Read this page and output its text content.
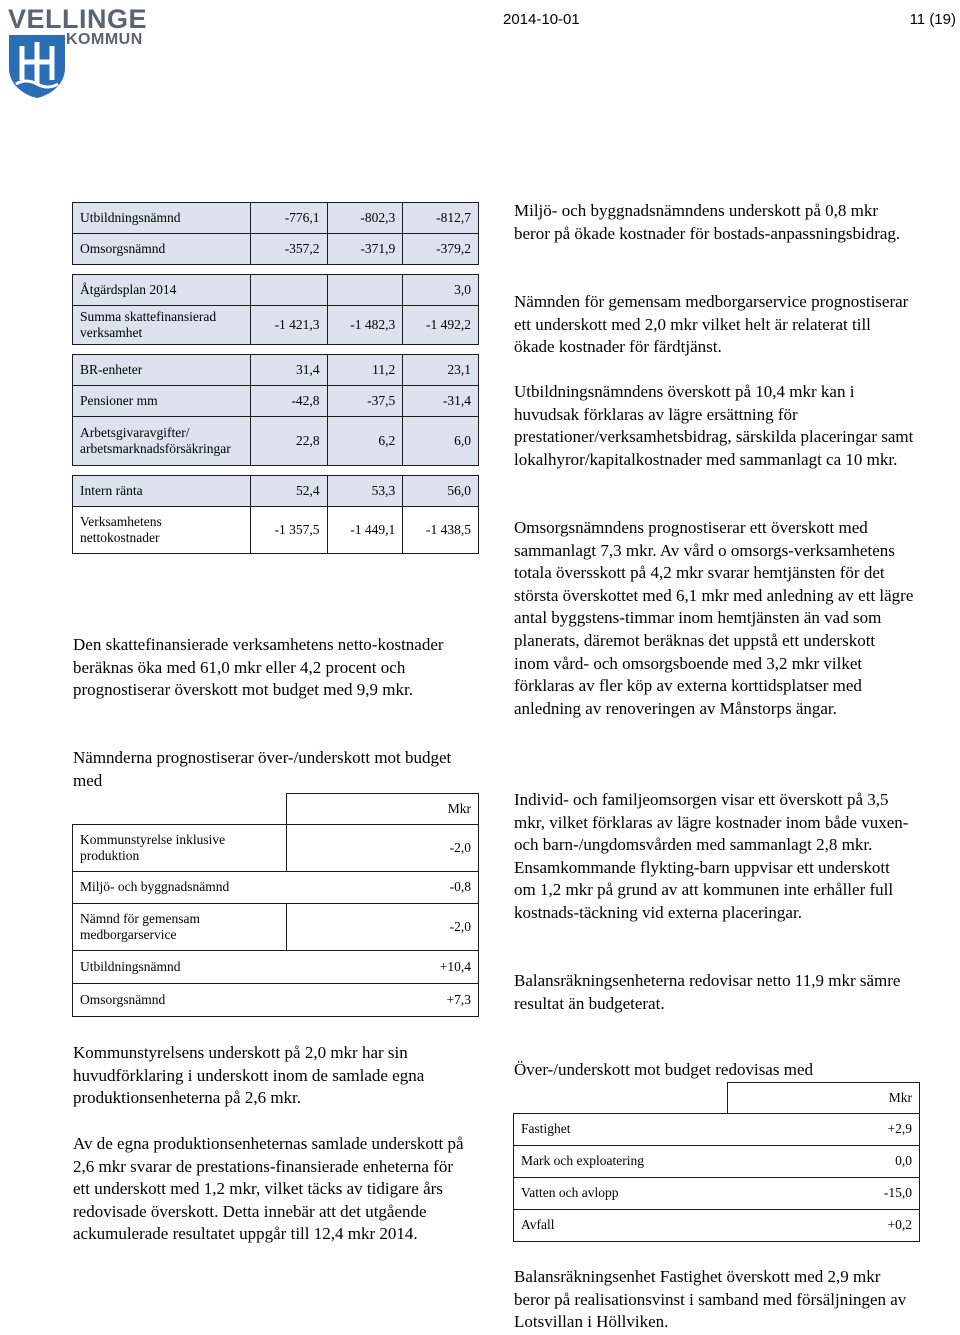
VELLINGE
KOMMUN
2014-10-01	11 (19)
Utbildningsnämnd	-776,1	-802,3	-812,7
Omsorgsnämnd	-357,2	-371,9	-379,2

Åtgärdsplan 2014			3,0
Summa skattefinansierad verksamhet	-1 421,3	-1 482,3	-1 492,2

BR-enheter	31,4	11,2	23,1
Pensioner mm	-42,8	-37,5	-31,4
Arbetsgivaravgifter/ arbetsmarknadsförsäkringar	22,8	6,2	6,0

Intern ränta	52,4	53,3	56,0
Verksamhetens nettokostnader	-1 357,5	-1 449,1	-1 438,5

Den skattefinansierade verksamhetens netto-kostnader beräknas öka med 61,0 mkr eller 4,2 procent och prognostiserar överskott mot budget med 9,9 mkr.

Nämnderna prognostiserar över-/underskott mot budget med

	Mkr
Kommunstyrelse inklusive produktion	-2,0
Miljö- och byggnadsnämnd	-0,8
Nämnd för gemensam medborgarservice	-2,0
Utbildningsnämnd	+10,4
Omsorgsnämnd	+7,3

Kommunstyrelsens underskott på 2,0 mkr har sin huvudförklaring i underskott inom de samlade egna produktionsenheterna på 2,6 mkr.

Av de egna produktionsenheternas samlade underskott på 2,6 mkr svarar de prestations-finansierade enheterna för ett underskott med 1,2 mkr, vilket täcks av tidigare års redovisade överskott. Detta innebär att det utgående ackumulerade resultatet uppgår till 12,4 mkr 2014.

Miljö- och byggnadsnämndens underskott på 0,8 mkr beror på ökade kostnader för bostads-anpassningsbidrag.

Nämnden för gemensam medborgarservice prognostiserar ett underskott med 2,0 mkr vilket helt är relaterat till ökade kostnader för färdtjänst.

Utbildningsnämndens överskott på 10,4 mkr kan i huvudsak förklaras av lägre ersättning för prestationer/verksamhetsbidrag, särskilda placeringar samt lokalhyror/kapitalkostnader med sammanlagt ca 10 mkr.

Omsorgsnämndens prognostiserar ett överskott med sammanlagt 7,3 mkr. Av vård o omsorgs-verksamhetens totala översskott på 4,2 mkr svarar hemtjänsten för det största överskottet med 6,1 mkr med anledning av ett lägre antal byggstens-timmar inom hemtjänsten än vad som planerats, däremot beräknas det uppstå ett underskott inom vård- och omsorgsboende med 3,2 mkr vilket förklaras av fler köp av externa korttidsplatser med anledning av renoveringen av Månstorps ängar.

Individ- och familjeomsorgen visar ett överskott på 3,5 mkr, vilket förklaras av lägre kostnader inom både vuxen- och barn-/ungdomsvården med sammanlagt 2,8 mkr. Ensamkommande flykting-barn uppvisar ett underskott om 1,2 mkr på grund av att kommunen inte erhåller full kostnads-täckning vid externa placeringar.

Balansräkningsenheterna redovisar netto 11,9 mkr sämre resultat än budgeterat.

Över-/underskott mot budget redovisas med

	Mkr
Fastighet	+2,9
Mark och exploatering	0,0
Vatten och avlopp	-15,0
Avfall	+0,2

Balansräkningsenhet Fastighet överskott med 2,9 mkr beror på realisationsvinst i samband med försäljningen av Lotsvillan i Höllviken.
